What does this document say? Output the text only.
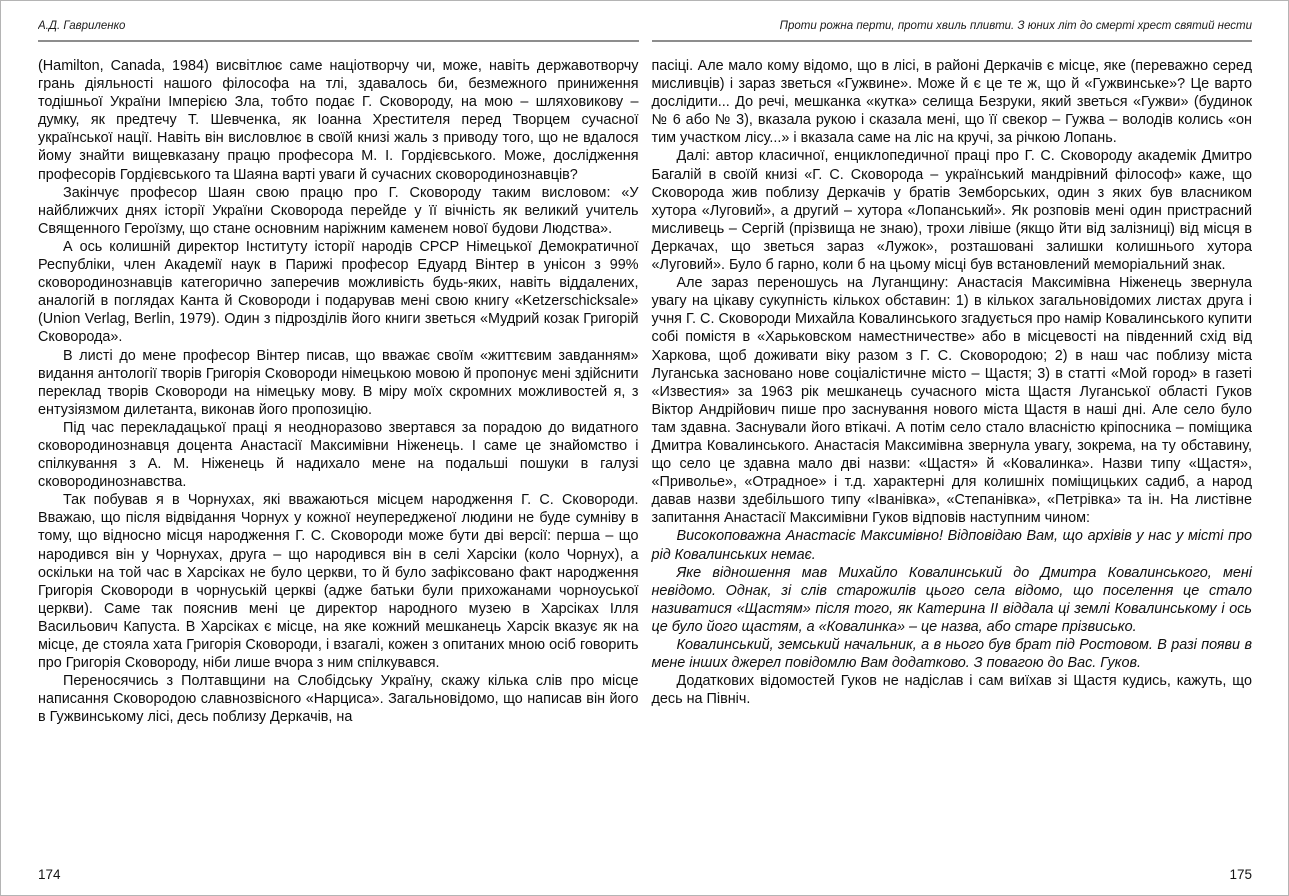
А.Д. Гавриленко

(Hamilton, Canada, 1984) висвітлює саме націотворчу чи, може, навіть державотворчу грань діяльності нашого філософа на тлі, здавалось би, безмежного приниження тодішньої України Імперією Зла, тобто подає Г. Сковороду, на мою – шляховикову – думку, як предтечу Т. Шевченка, як Іоанна Хрестителя перед Творцем сучасної української нації. Навіть він висловлює в своїй книзі жаль з приводу того, що не вдалося йому знайти вищевказану працю професора М. І. Гордієвського. Може, дослідження професорів Гордієвського та Шаяна варті уваги й сучасних сковородинознавців?

Закінчує професор Шаян свою працю про Г. Сковороду таким висловом: «У найближчих днях історії України Сковорода перейде у її вічність як великий учитель Священного Героїзму, що стане основним наріжним каменем нової будови Людства».

А ось колишній директор Інституту історії народів СРСР Німецької Демократичної Республіки, член Академії наук в Парижі професор Едуард Вінтер в унісон з 99% сковородинознавців категорично заперечив можливість будь-яких, навіть віддалених, аналогій в поглядах Канта й Сковороди і подарував мені свою книгу «Ketzerschicksale» (Union Verlag, Berlin, 1979). Один з підрозділів його книги зветься «Мудрий козак Григорій Сковорода».

В листі до мене професор Вінтер писав, що вважає своїм «життєвим завданням» видання антології творів Григорія Сковороди німецькою мовою й пропонує мені здійснити переклад творів Сковороди на німецьку мову. В міру моїх скромних можливостей я, з ентузіязмом дилетанта, виконав його пропозицію.

Під час перекладацької праці я неодноразово звертався за порадою до видатного сковородинознавця доцента Анастасії Максимівни Ніженець. І саме це знайомство і спілкування з А. М. Ніженець й надихало мене на подальші пошуки в галузі сковородинознавства.

Так побував я в Чорнухах, які вважаються місцем народження Г. С. Сковороди. Вважаю, що після відвідання Чорнух у кожної неупередженої людини не буде сумніву в тому, що відносно місця народження Г. С. Сковороди може бути дві версії: перша – що народився він у Чорнухах, друга – що народився він в селі Харсіки (коло Чорнух), а оскільки на той час в Харсіках не було церкви, то й було зафіксовано факт народження Григорія Сковороди в чорнуській церкві (адже батьки були прихожанами чорноуської церкви). Саме так пояснив мені це директор народного музею в Харсіках Ілля Васильович Капуста. В Харсіках є місце, на яке кожний мешканець Харсік вказує як на місце, де стояла хата Григорія Сковороди, і взагалі, кожен з опитаних мною осіб говорить про Григорія Сковороду, ніби лише вчора з ним спілкувався.

Переносячись з Полтавщини на Слобідську Україну, скажу кілька слів про місце написання Сковородою славнозвісного «Нарциса». Загальновідомо, що написав він його в Гужвинському лісі, десь поблизу Деркачів, на

174
Проти рожна перти, проти хвиль пливти. З юних літ до смерті хрест святий нести

пасіці. Але мало кому відомо, що в лісі, в районі Деркачів є місце, яке (переважно серед мисливців) і зараз зветься «Гужвине». Може й є це те ж, що й «Гужвинське»? Це варто дослідити... До речі, мешканка «кутка» селища Безруки, який зветься «Гужви» (будинок № 6 або № 3), вказала рукою і сказала мені, що її свекор – Гужва – володів колись «он тим участком лісу...» і вказала саме на ліс на кручі, за річкою Лопань.

Далі: автор класичної, енциклопедичної праці про Г. С. Сковороду академік Дмитро Багалій в своїй книзі «Г. С. Сковорода – український мандрівний філософ» каже, що Сковорода жив поблизу Деркачів у братів Земборських, один з яких був власником хутора «Луговий», а другий – хутора «Лопанський». Як розповів мені один пристрасний мисливець – Сергій (прізвища не знаю), трохи лівіше (якщо йти від залізниці) від місця в Деркачах, що зветься зараз «Лужок», розташовані залишки колишнього хутора «Луговий». Було б гарно, коли б на цьому місці був встановлений меморіальний знак.

Але зараз переношусь на Луганщину: Анастасія Максимівна Ніженець звернула увагу на цікаву сукупність кількох обставин: 1) в кількох загальновідомих листах друга і учня Г. С. Сковороди Михайла Ковалинського згадується про намір Ковалинського купити собі помістя в «Харьковском наместничестве» або в місцевості на південний схід від Харкова, щоб доживати віку разом з Г. С. Сковородою; 2) в наш час поблизу міста Луганська засновано нове соціалістичне місто – Щастя; 3) в статті «Мой город» в газеті «Известия» за 1963 рік мешканець сучасного міста Щастя Луганської області Гуков Віктор Андрійович пише про заснування нового міста Щастя в наші дні. Але село було там здавна. Заснували його втікачі. А потім село стало власністю кріпосника – поміщика Дмитра Ковалинського. Анастасія Максимівна звернула увагу, зокрема, на ту обставину, що село це здавна мало дві назви: «Щастя» й «Ковалинка». Назви типу «Щастя», «Приволье», «Отрадное» і т.д. характерні для колишніх поміщицьких садиб, а народ давав назви здебільшого типу «Іванівка», «Степанівка», «Петрівка» та ін. На листівне запитання Анастасії Максимівни Гуков відповів наступним чином:

Високоповажна Анастасіє Максимівно! Відповідаю Вам, що архівів у нас у місті про рід Ковалинських немає.

Яке відношення мав Михайло Ковалинський до Дмитра Ковалинського, мені невідомо. Однак, зі слів старожилів цього села відомо, що поселення це стало називатися «Щастям» після того, як Катерина II віддала ці землі Ковалинському і ось це було його щастям, а «Ковалинка» – це назва, або старе прізвисько.

Ковалинський, земський начальник, а в нього був брат під Ростовом. В разі появи в мене інших джерел повідомлю Вам додатково. З повагою до Вас. Гуков.

Додаткових відомостей Гуков не надіслав і сам виїхав зі Щастя кудись, кажуть, що десь на Північ.

175
